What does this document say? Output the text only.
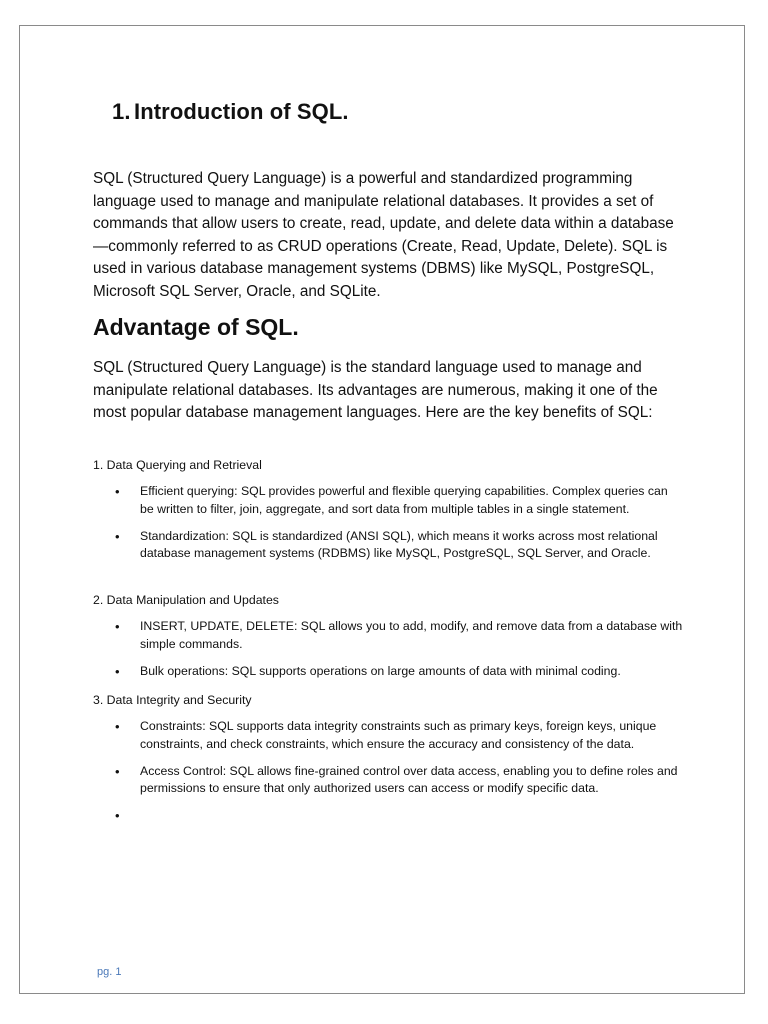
1. Introduction of SQL.

SQL (Structured Query Language) is a powerful and standardized programming language used to manage and manipulate relational databases. It provides a set of commands that allow users to create, read, update, and delete data within a database—commonly referred to as CRUD operations (Create, Read, Update, Delete). SQL is used in various database management systems (DBMS) like MySQL, PostgreSQL, Microsoft SQL Server, Oracle, and SQLite.

Advantage of SQL.

SQL (Structured Query Language) is the standard language used to manage and manipulate relational databases. Its advantages are numerous, making it one of the most popular database management languages. Here are the key benefits of SQL:

1. Data Querying and Retrieval

• Efficient querying: SQL provides powerful and flexible querying capabilities. Complex queries can be written to filter, join, aggregate, and sort data from multiple tables in a single statement.
• Standardization: SQL is standardized (ANSI SQL), which means it works across most relational database management systems (RDBMS) like MySQL, PostgreSQL, SQL Server, and Oracle.

2. Data Manipulation and Updates

• INSERT, UPDATE, DELETE: SQL allows you to add, modify, and remove data from a database with simple commands.
• Bulk operations: SQL supports operations on large amounts of data with minimal coding.

3. Data Integrity and Security

• Constraints: SQL supports data integrity constraints such as primary keys, foreign keys, unique constraints, and check constraints, which ensure the accuracy and consistency of the data.
• Access Control: SQL allows fine-grained control over data access, enabling you to define roles and permissions to ensure that only authorized users can access or modify specific data.
•
pg. 1
